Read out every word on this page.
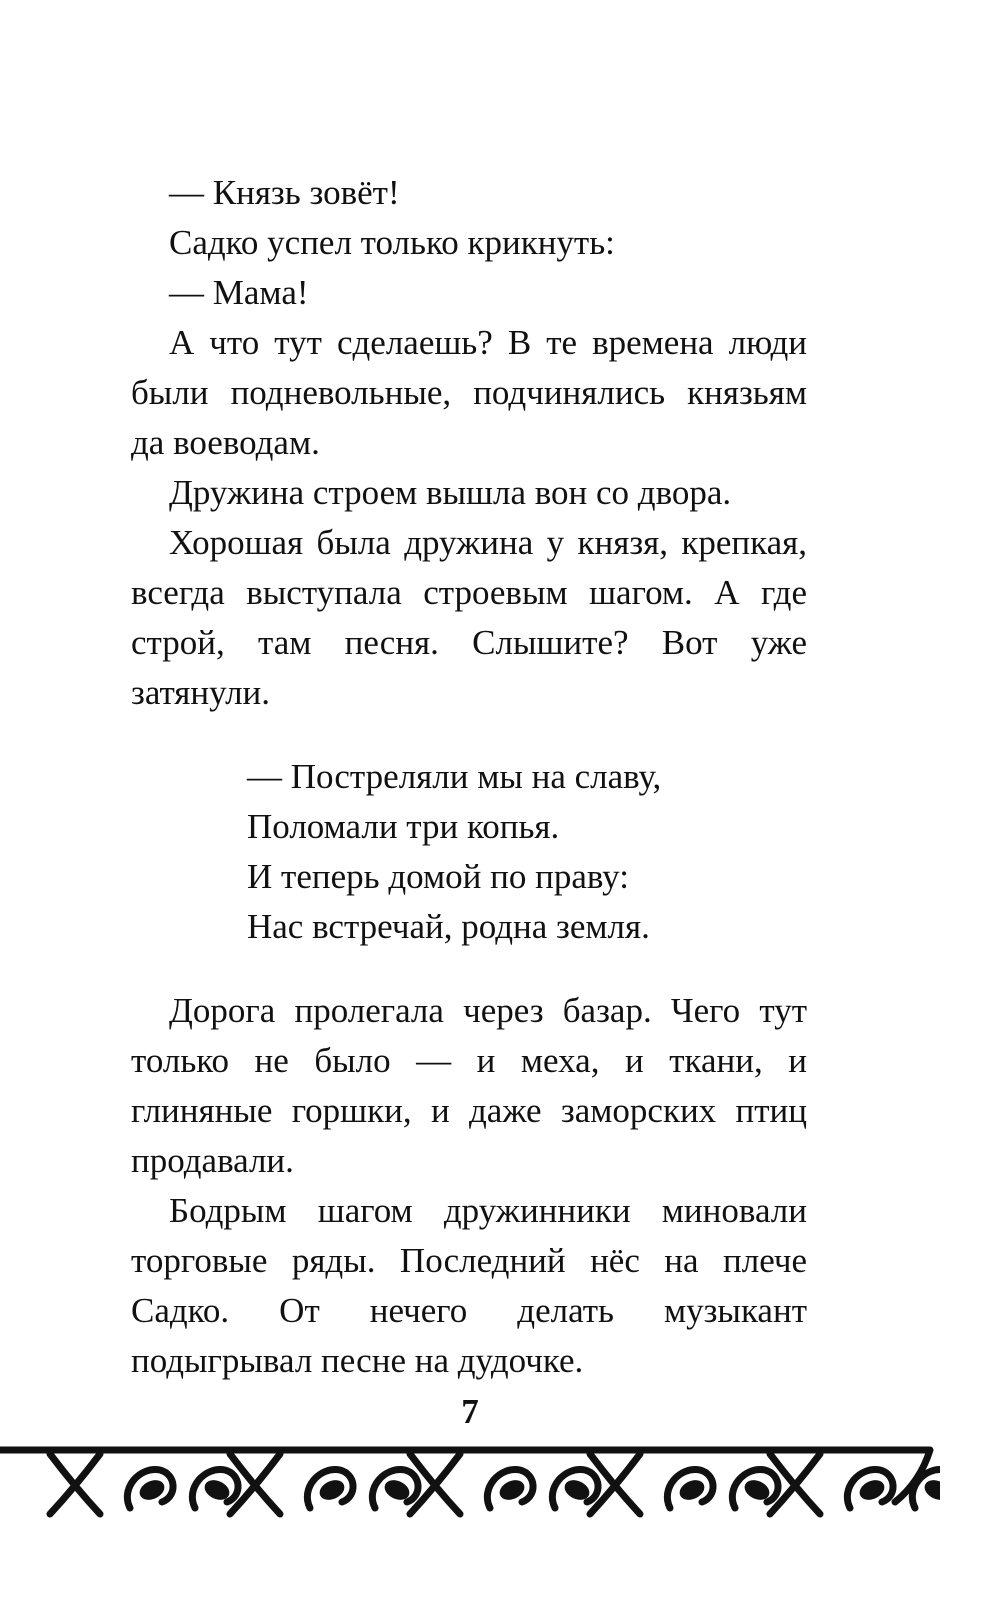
— Князь зовёт!

Садко успел только крикнуть:

— Мама!

А что тут сделаешь? В те времена люди были подневольные, подчинялись князьям да воеводам.

Дружина строем вышла вон со двора.

Хорошая была дружина у князя, крепкая, всегда выступала строевым шагом. А где строй, там песня. Слышите? Вот уже затянули.

— Постреляли мы на славу,
Поломали три копья.
И теперь домой по праву:
Нас встречай, родна земля.

Дорога пролегала через базар. Чего тут только не было — и меха, и ткани, и глиняные горшки, и даже заморских птиц продавали.

Бодрым шагом дружинники миновали торговые ряды. Последний нёс на плече Садко. От нечего делать музыкант подыгрывал песне на дудочке.

7
